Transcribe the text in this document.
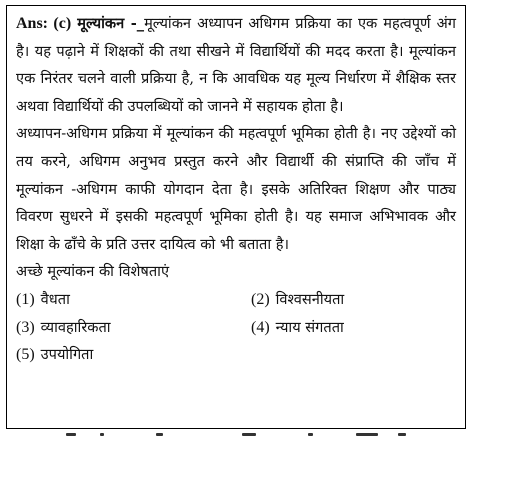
Ans: (c) मूल्यांकन -_मूल्यांकन अध्यापन अधिगम प्रक्रिया का एक महत्वपूर्ण अंग है। यह पढ़ाने में शिक्षकों की तथा सीखने में विद्यार्थियों की मदद करता है। मूल्यांकन एक निरंतर चलने वाली प्रक्रिया है, न कि आवधिक यह मूल्य निर्धारण में शैक्षिक स्तर अथवा विद्यार्थियों की उपलब्धियों को जानने में सहायक होता है।

अध्यापन-अधिगम प्रक्रिया में मूल्यांकन की महत्वपूर्ण भूमिका होती है। नए उद्देश्यों को तय करने, अधिगम अनुभव प्रस्तुत करने और विद्यार्थी की संप्राप्ति की जाँच में मूल्यांकन -अधिगम काफी योगदान देता है। इसके अतिरिक्त शिक्षण और पाठ्य विवरण सुधरने में इसकी महत्वपूर्ण भूमिका होती है। यह समाज अभिभावक और शिक्षा के ढाँचे के प्रति उत्तर दायित्व को भी बताता है।

अच्छे मूल्यांकन की विशेषताएं

(1) वैधता	(2) विश्वसनीयता
(3) व्यावहारिकता	(4) न्याय संगतता
(5) उपयोगिता
